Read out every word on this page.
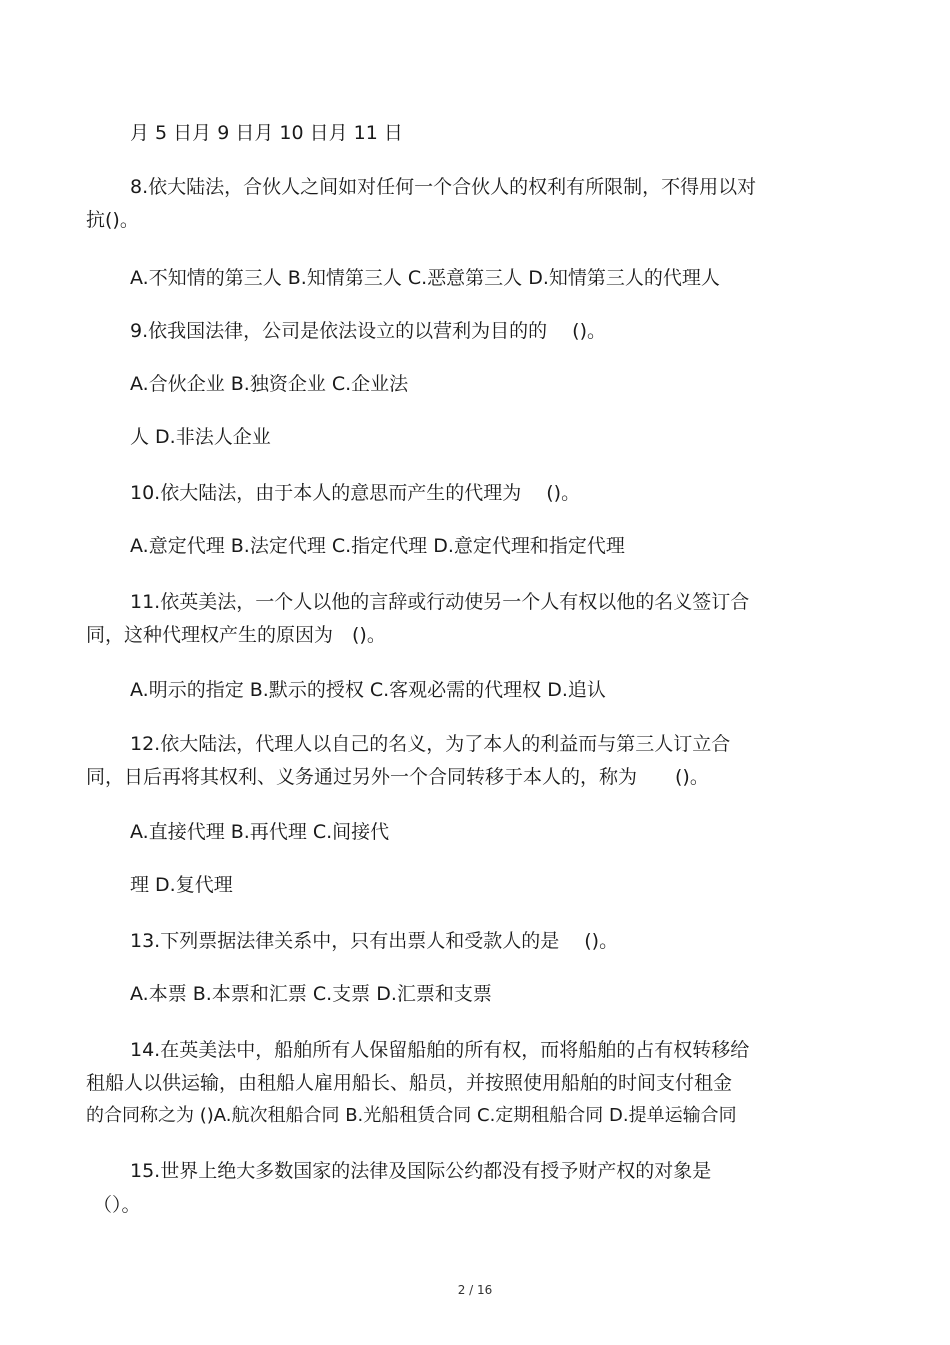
月 5 日月 9 日月 10 日月 11 日
8.依大陆法，合伙人之间如对任何一个合伙人的权利有所限制，不得用以对
抗()。
A.不知情的第三人 B.知情第三人 C.恶意第三人 D.知情第三人的代理人
9.依我国法律，公司是依法设立的以营利为目的的　 ()。
A.合伙企业 B.独资企业 C.企业法
人 D.非法人企业
10.依大陆法，由于本人的意思而产生的代理为　 ()。
A.意定代理 B.法定代理 C.指定代理 D.意定代理和指定代理
11.依英美法，一个人以他的言辞或行动使另一个人有权以他的名义签订合
同，这种代理权产生的原因为　()。
A.明示的指定 B.默示的授权 C.客观必需的代理权 D.追认
12.依大陆法，代理人以自己的名义，为了本人的利益而与第三人订立合
同，日后再将其权利、义务通过另外一个合同转移于本人的，称为　　()。
A.直接代理 B.再代理 C.间接代
理 D.复代理
13.下列票据法律关系中，只有出票人和受款人的是　 ()。
A.本票 B.本票和汇票 C.支票 D.汇票和支票
14.在英美法中，船舶所有人保留船舶的所有权，而将船舶的占有权转移给
租船人以供运输，由租船人雇用船长、船员，并按照使用船舶的时间支付租金
的合同称之为 ()A.航次租船合同 B.光船租赁合同 C.定期租船合同 D.提单运输合同
15.世界上绝大多数国家的法律及国际公约都没有授予财产权的对象是
（）。
2 / 16
